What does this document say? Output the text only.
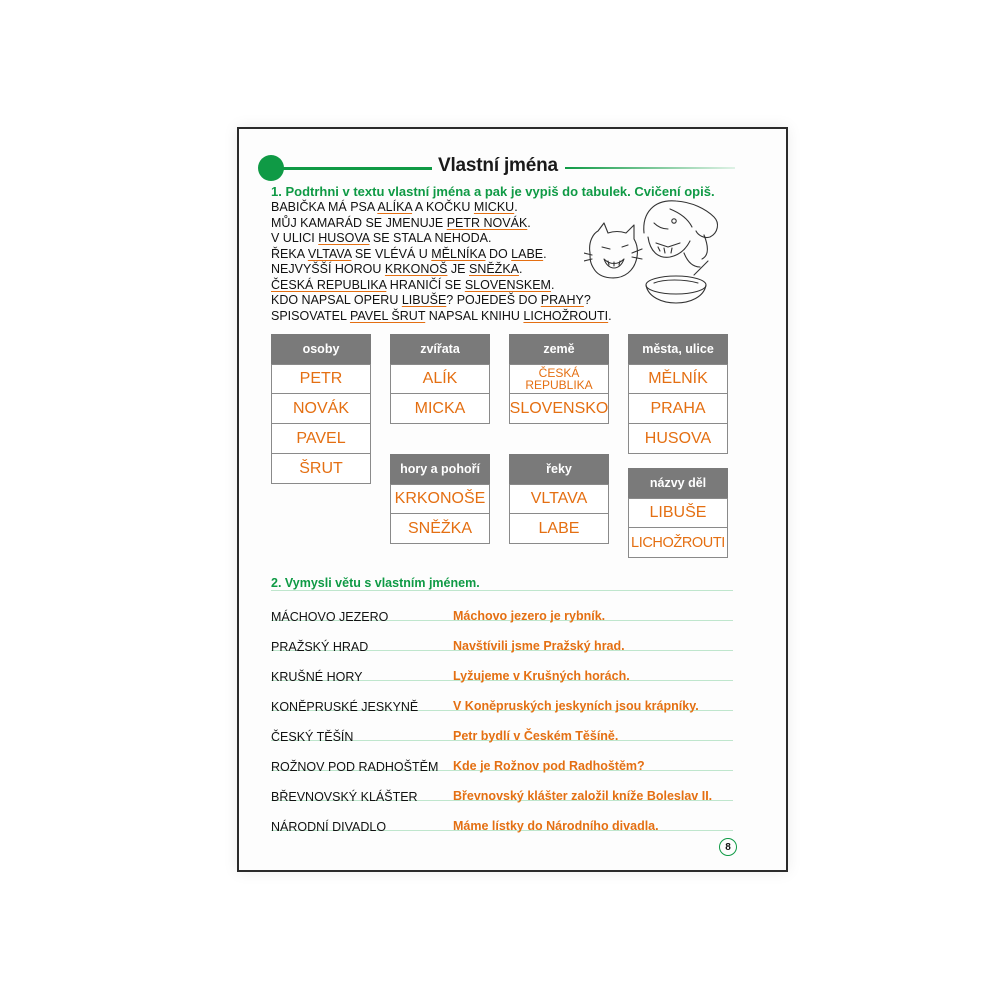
Vlastní jména
1. Podtrhni v textu vlastní jména a pak je vypiš do tabulek. Cvičení opiš.
BABIČKA MÁ PSA ALÍKA A KOČKU MICKU.
MŮJ KAMARÁD SE JMENUJE PETR NOVÁK.
V ULICI HUSOVA SE STALA NEHODA.
ŘEKA VLTAVA SE VLÉVÁ U MĚLNÍKA DO LABE.
NEJVYŠŠÍ HOROU KRKONOŠ JE SNĚŽKA.
ČESKÁ REPUBLIKA HRANIČÍ SE SLOVENSKEM.
KDO NAPSAL OPERU LIBUŠE? POJEDEŠ DO PRAHY?
SPISOVATEL PAVEL ŠRUT NAPSAL KNIHU LICHOŽROUTI.
osoby
PETR
NOVÁK
PAVEL
ŠRUT
zvířata
ALÍK
MICKA
země
ČESKÁ REPUBLIKA
SLOVENSKO
města, ulice
MĚLNÍK
PRAHA
HUSOVA
hory a pohoří
KRKONOŠE
SNĚŽKA
řeky
VLTAVA
LABE
názvy děl
LIBUŠE
LICHOŽROUTI
2. Vymysli větu s vlastním jménem.
MÁCHOVO JEZERO	Máchovo jezero je rybník.
PRAŽSKÝ HRAD	Navštívili jsme Pražský hrad.
KRUŠNÉ HORY	Lyžujeme v Krušných horách.
KONĚPRUSKÉ JESKYNĚ	V Koněpruských jeskyních jsou krápníky.
ČESKÝ TĚŠÍN	Petr bydlí v Českém Těšíně.
ROŽNOV POD RADHOŠTĚM Kde je Rožnov pod Radhoštěm?
BŘEVNOVSKÝ KLÁŠTER	Břevnovský klášter založil kníže Boleslav II.
NÁRODNÍ DIVADLO	Máme lístky do Národního divadla.
8
